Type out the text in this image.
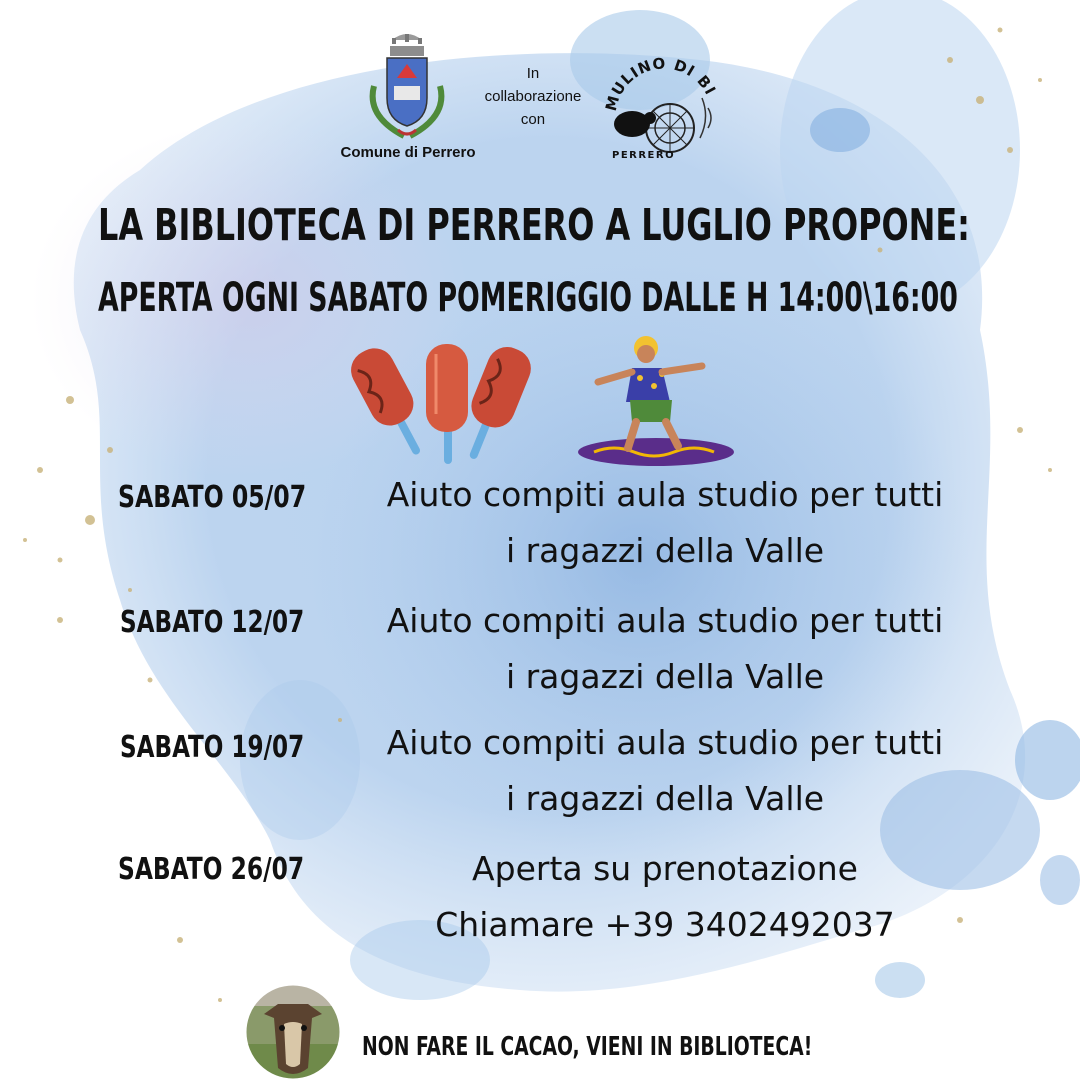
Comune di Perrero
In
collaborazione
con
MULINO DI BI
PERRERO
LA BIBLIOTECA DI PERRERO A LUGLIO PROPONE:
APERTA OGNI SABATO POMERIGGIO DALLE H 14:00\16:00
SABATO 05/07	Aiuto compiti aula studio per tutti
i ragazzi della Valle
SABATO 12/07	Aiuto compiti aula studio per tutti
i ragazzi della Valle
SABATO 19/07	Aiuto compiti aula studio per tutti
i ragazzi della Valle
SABATO 26/07	Aperta su prenotazione
Chiamare +39 3402492037
NON FARE IL CACAO, VIENI IN BIBLIOTECA!
